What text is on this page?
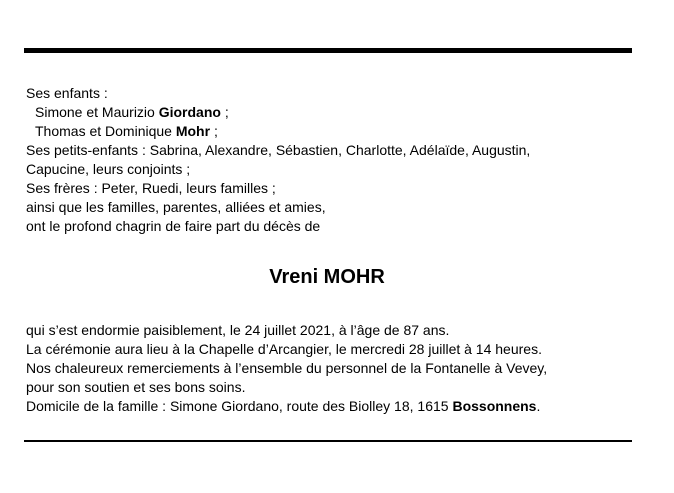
Ses enfants :
Simone et Maurizio Giordano ;
Thomas et Dominique Mohr ;
Ses petits-enfants : Sabrina, Alexandre, Sébastien, Charlotte, Adélaïde, Augustin,
Capucine, leurs conjoints ;
Ses frères : Peter, Ruedi, leurs familles ;
ainsi que les familles, parentes, alliées et amies,
ont le profond chagrin de faire part du décès de
Vreni MOHR
qui s’est endormie paisiblement, le 24 juillet 2021, à l’âge de 87 ans.
La cérémonie aura lieu à la Chapelle d’Arcangier, le mercredi 28 juillet à 14 heures.
Nos chaleureux remerciements à l’ensemble du personnel de la Fontanelle à Vevey,
pour son soutien et ses bons soins.
Domicile de la famille : Simone Giordano, route des Biolley 18, 1615 Bossonnens.
